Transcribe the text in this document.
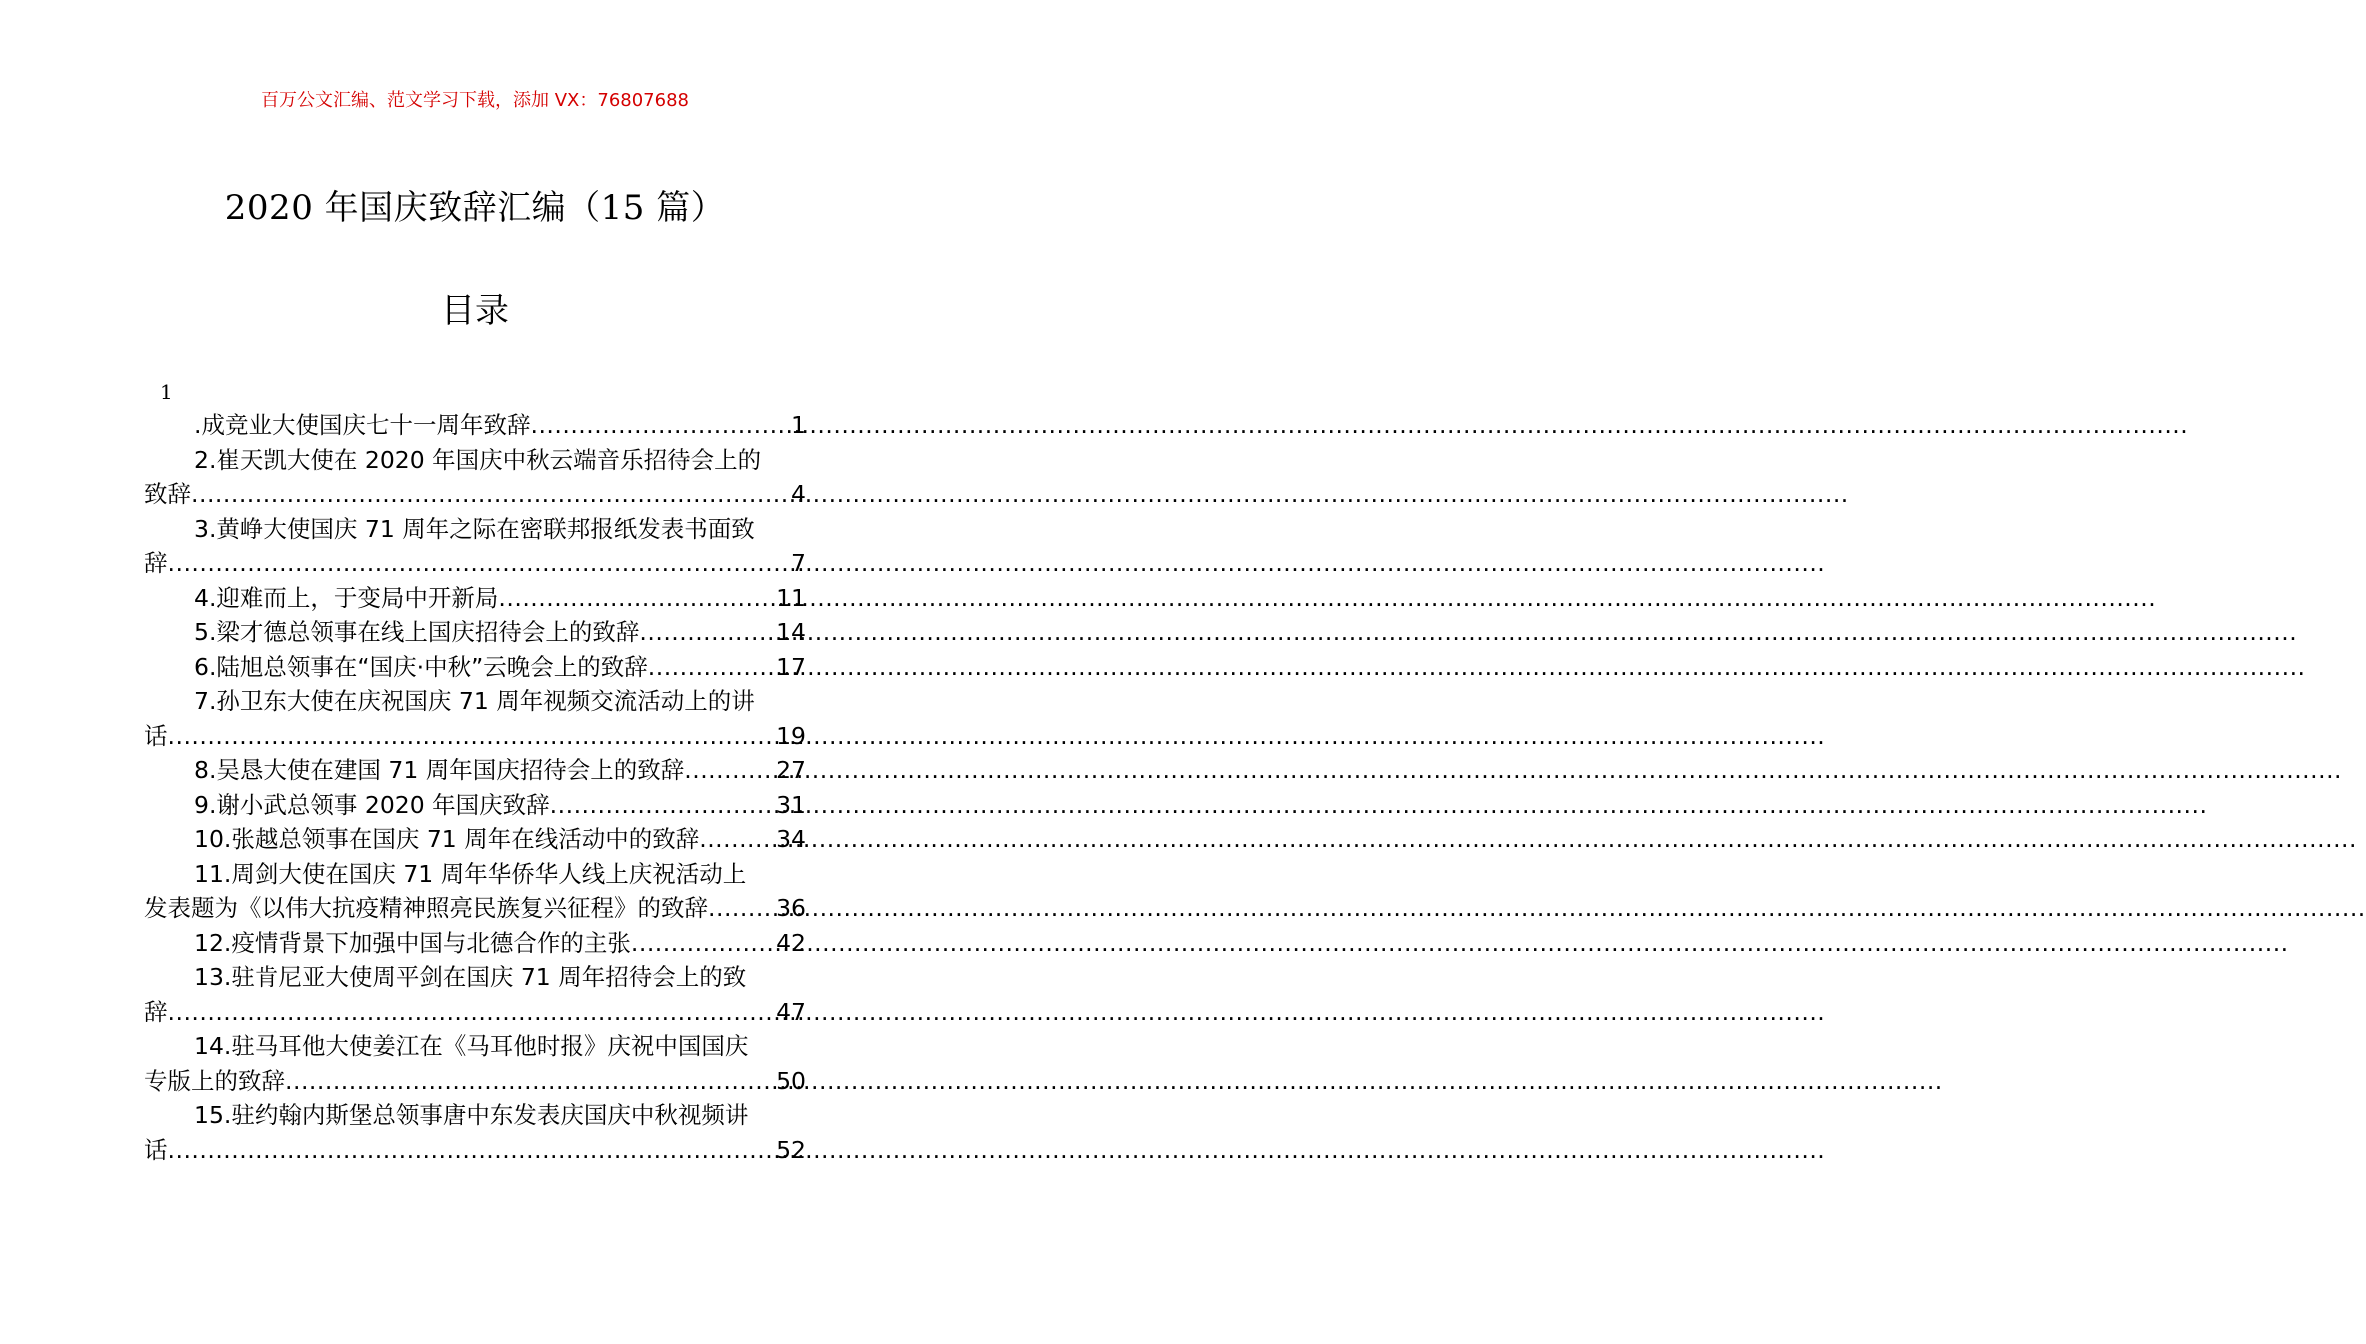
百万公文汇编、范文学习下载，添加 VX：76807688
2020 年国庆致辞汇编（15 篇）
目录
1
.成竞业大使国庆七十一周年致辞 .....	1
2.崔天凯大使在 2020 年国庆中秋云端音乐招待会上的
致辞 .....	4
3.黄峥大使国庆 71 周年之际在密联邦报纸发表书面致
辞 .....	7
4.迎难而上，于变局中开新局 .....	11
5.梁才德总领事在线上国庆招待会上的致辞 .....	14
6.陆旭总领事在“国庆·中秋”云晚会上的致辞 .....	17
7.孙卫东大使在庆祝国庆 71 周年视频交流活动上的讲
话 .....	19
8.吴恳大使在建国 71 周年国庆招待会上的致辞 .....	27
9.谢小武总领事 2020 年国庆致辞 .....	31
10.张越总领事在国庆 71 周年在线活动中的致辞 .....	34
11.周剑大使在国庆 71 周年华侨华人线上庆祝活动上
发表题为《以伟大抗疫精神照亮民族复兴征程》的致辞 .....	36
12.疫情背景下加强中国与北德合作的主张 .....	42
13.驻肯尼亚大使周平剑在国庆 71 周年招待会上的致
辞 .....	47
14.驻马耳他大使姜江在《马耳他时报》庆祝中国国庆
专版上的致辞 .....	50
15.驻约翰内斯堡总领事唐中东发表庆国庆中秋视频讲
话 .....	52
